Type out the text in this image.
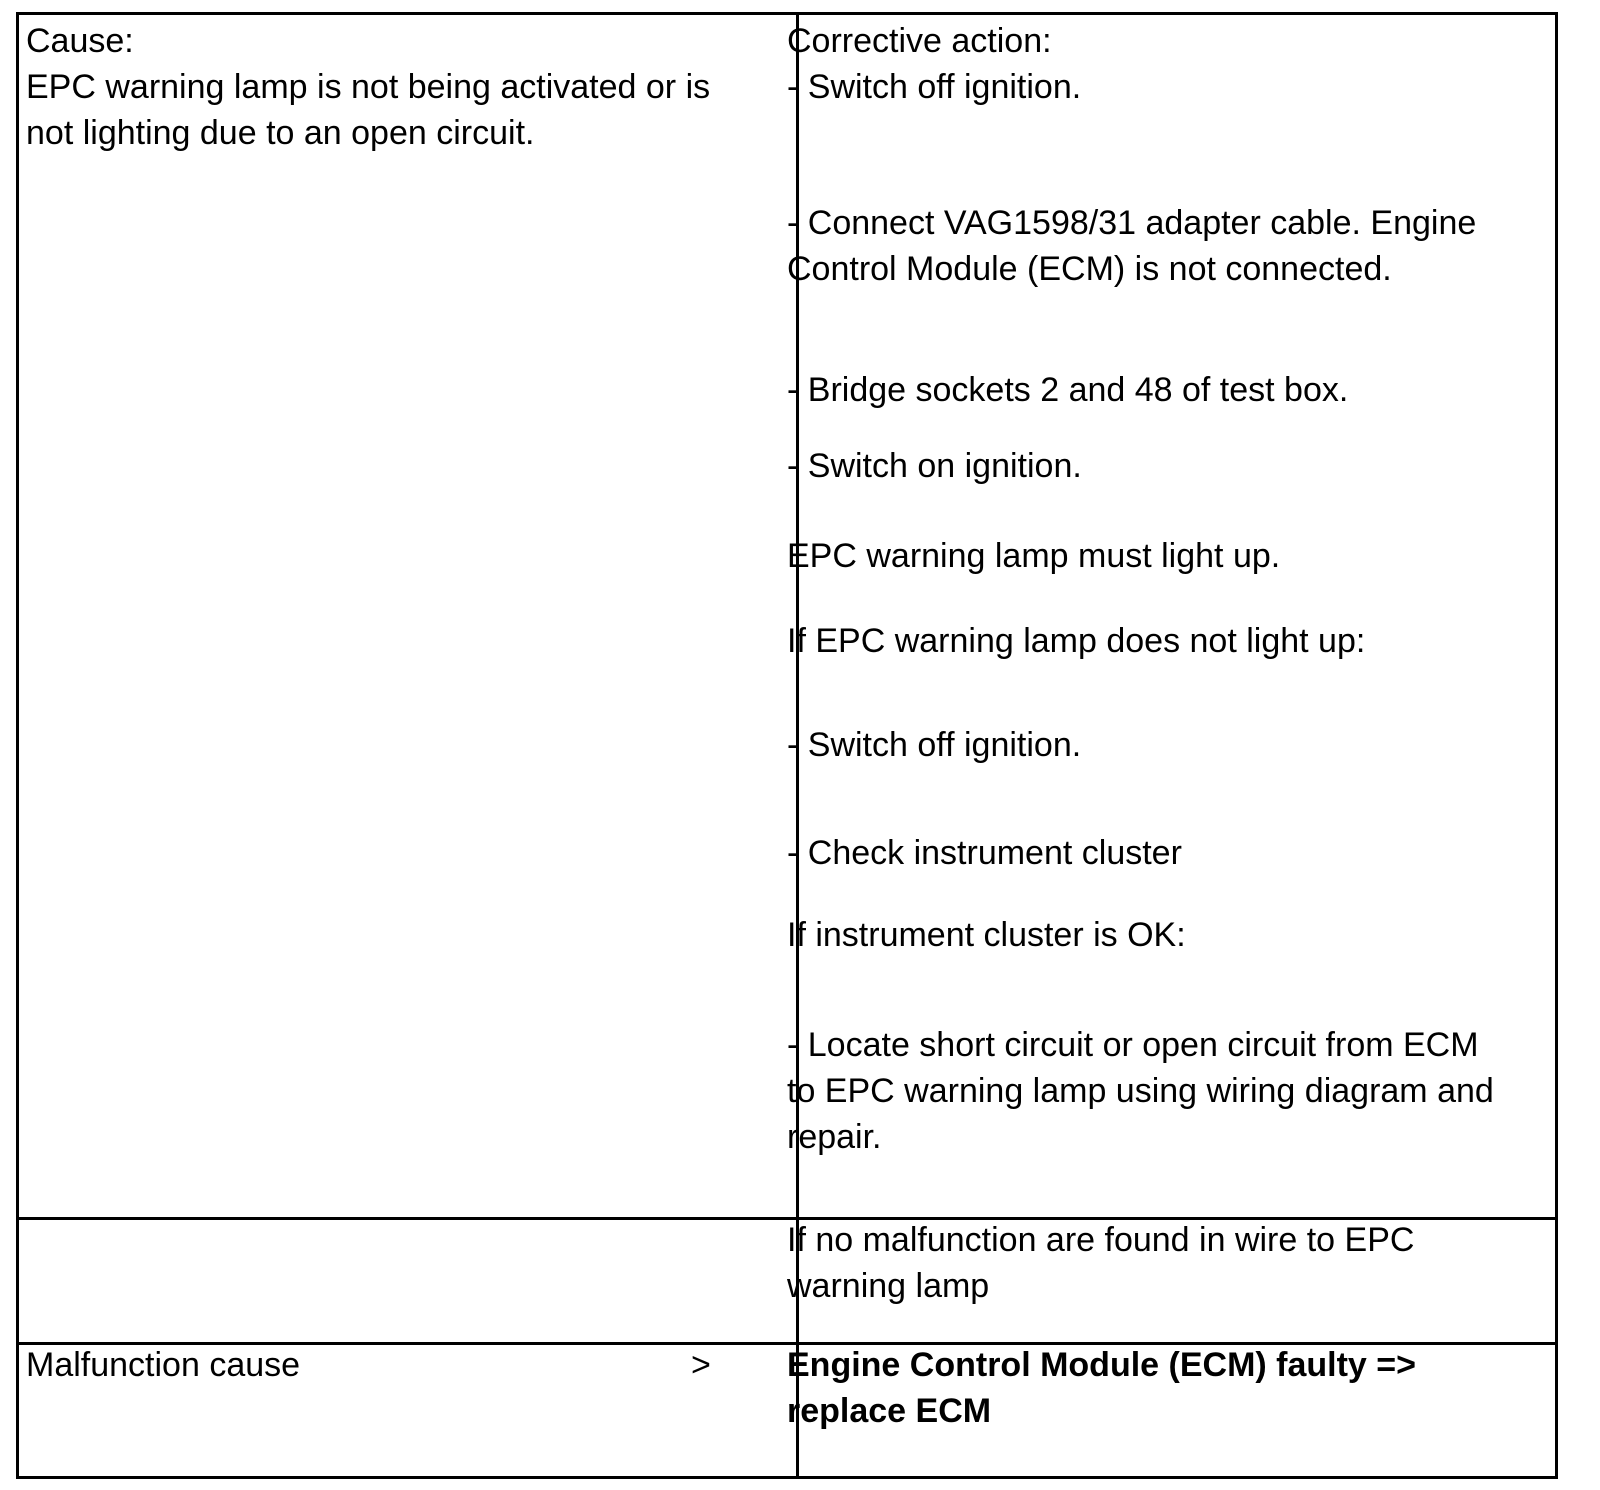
Cause:
EPC warning lamp is not being activated or is
not lighting due to an open circuit.
Corrective action:
- Switch off ignition.
- Connect VAG1598/31 adapter cable. Engine
Control Module (ECM) is not connected.
- Bridge sockets 2 and 48 of test box.
- Switch on ignition.
EPC warning lamp must light up.
If EPC warning lamp does not light up:
- Switch off ignition.
- Check instrument cluster
If instrument cluster is OK:
- Locate short circuit or open circuit from ECM
to EPC warning lamp using wiring diagram and
repair.
If no malfunction are found in wire to EPC
warning lamp
Malfunction cause	> Engine Control Module (ECM) faulty =>
replace ECM
